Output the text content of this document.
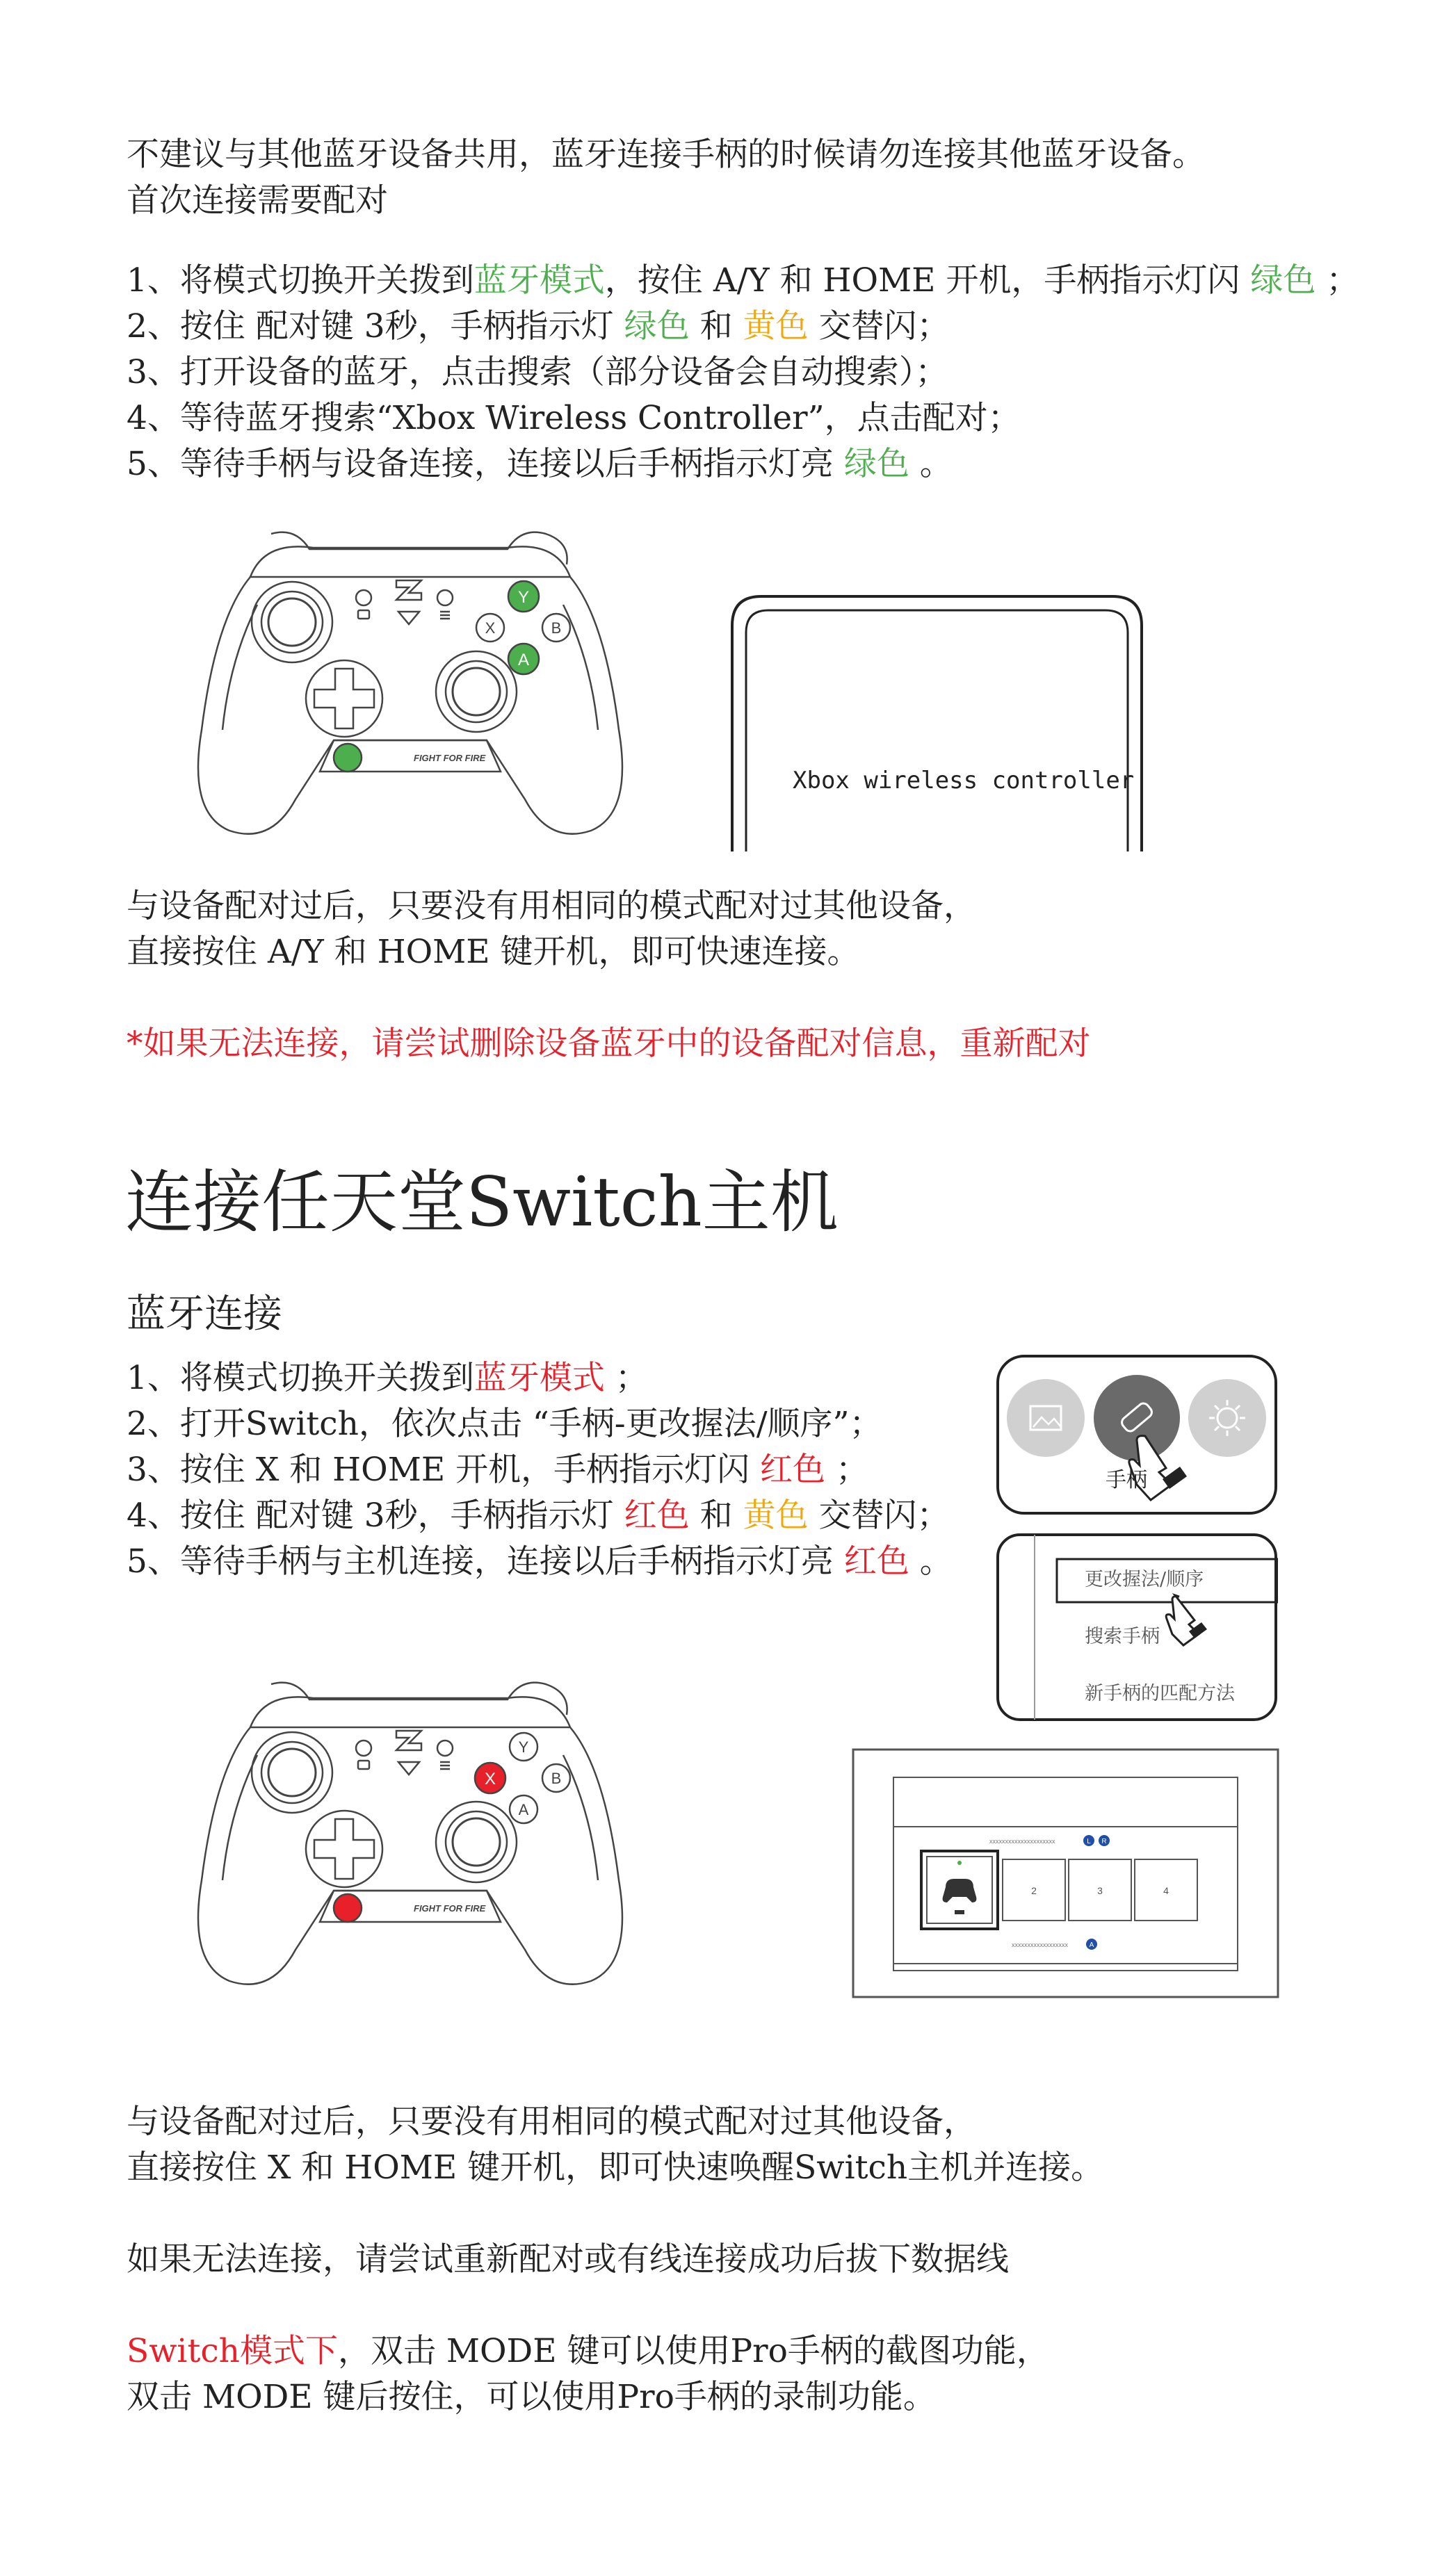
不建议与其他蓝牙设备共用，蓝牙连接手柄的时候请勿连接其他蓝牙设备。
首次连接需要配对
1、将模式切换开关拨到蓝牙模式，按住 A/Y 和 HOME 开机，手柄指示灯闪 绿色 ；
2、按住 配对键 3秒，手柄指示灯 绿色 和 黄色 交替闪；
3、打开设备的蓝牙，点击搜索（部分设备会自动搜索）；
4、等待蓝牙搜索“Xbox Wireless Controller”，点击配对；
5、等待手柄与设备连接，连接以后手柄指示灯亮 绿色 。
Y
X	B
A
FIGHT FOR FIRE
Xbox wireless controller
与设备配对过后，只要没有用相同的模式配对过其他设备，
直接按住 A/Y 和 HOME 键开机，即可快速连接。
*如果无法连接，请尝试删除设备蓝牙中的设备配对信息，重新配对
连接任天堂Switch主机
蓝牙连接
1、将模式切换开关拨到蓝牙模式 ；
2、打开Switch，依次点击 “手柄-更改握法/顺序”；
3、按住 X 和 HOME 开机，手柄指示灯闪 红色 ；
4、按住 配对键 3秒，手柄指示灯 红色 和 黄色 交替闪；
5、等待手柄与主机连接，连接以后手柄指示灯亮 红色 。
手柄
更改握法/顺序
搜索手柄
新手柄的匹配方法
Y
X	B
A
FIGHT FOR FIRE
xxxxxxxxxxxxxxxxxxxxx	L R
2	3	4
xxxxxxxxxxxxxxxxxx	A
与设备配对过后，只要没有用相同的模式配对过其他设备，
直接按住 X 和 HOME 键开机，即可快速唤醒Switch主机并连接。
如果无法连接，请尝试重新配对或有线连接成功后拔下数据线
Switch模式下，双击 MODE 键可以使用Pro手柄的截图功能，
双击 MODE 键后按住，可以使用Pro手柄的录制功能。
